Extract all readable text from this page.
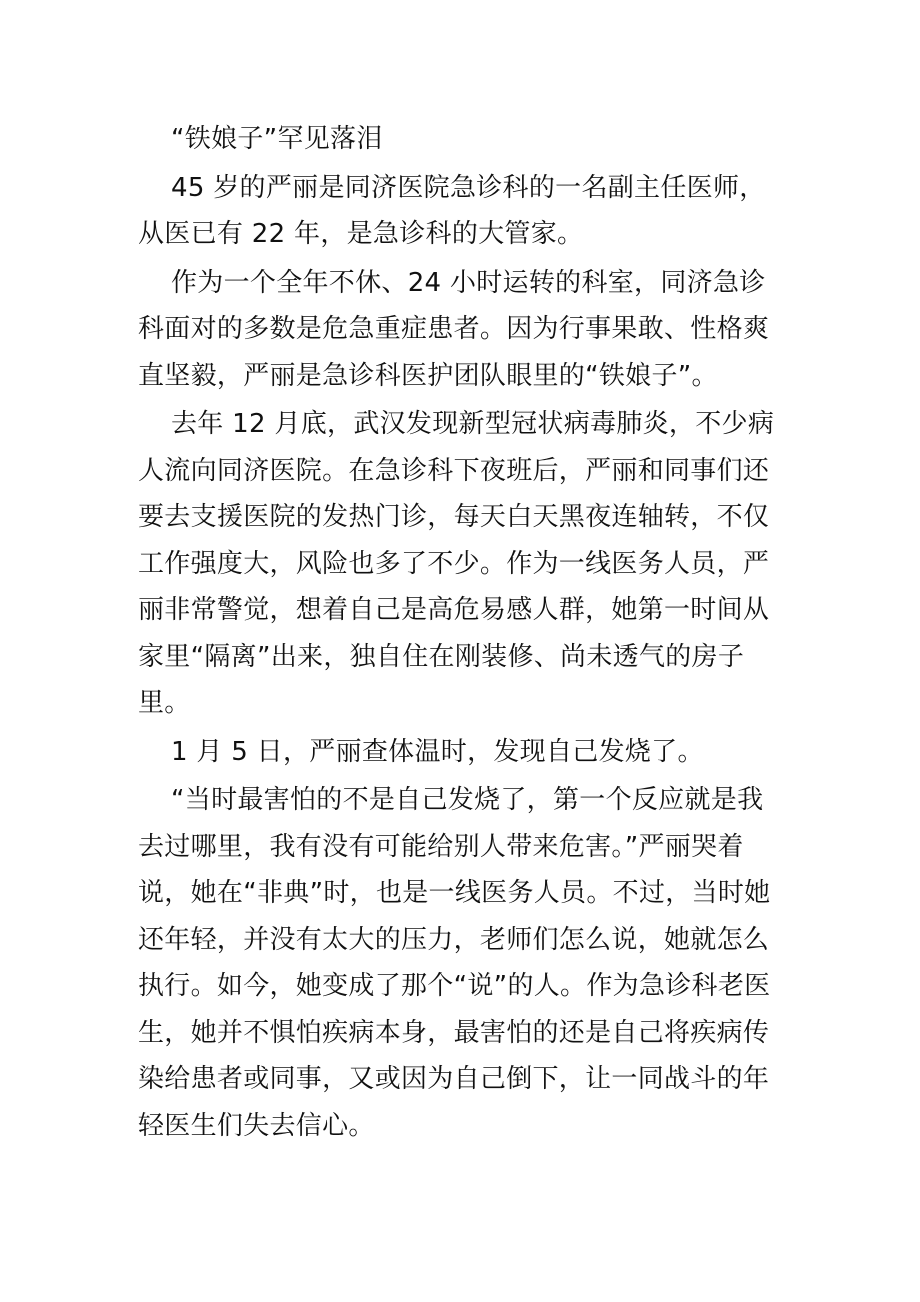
“铁娘子”罕见落泪

45 岁的严丽是同济医院急诊科的一名副主任医师，从医已有 22 年，是急诊科的大管家。

作为一个全年不休、24 小时运转的科室，同济急诊科面对的多数是危急重症患者。因为行事果敢、性格爽直坚毅，严丽是急诊科医护团队眼里的“铁娘子”。

去年 12 月底，武汉发现新型冠状病毒肺炎，不少病人流向同济医院。在急诊科下夜班后，严丽和同事们还要去支援医院的发热门诊，每天白天黑夜连轴转，不仅工作强度大，风险也多了不少。作为一线医务人员，严丽非常警觉，想着自己是高危易感人群，她第一时间从家里“隔离”出来，独自住在刚装修、尚未透气的房子里。

1 月 5 日，严丽查体温时，发现自己发烧了。

“当时最害怕的不是自己发烧了，第一个反应就是我去过哪里，我有没有可能给别人带来危害。”严丽哭着说，她在“非典”时，也是一线医务人员。不过，当时她还年轻，并没有太大的压力，老师们怎么说，她就怎么执行。如今，她变成了那个“说”的人。作为急诊科老医生，她并不惧怕疾病本身，最害怕的还是自己将疾病传染给患者或同事，又或因为自己倒下，让一同战斗的年轻医生们失去信心。
